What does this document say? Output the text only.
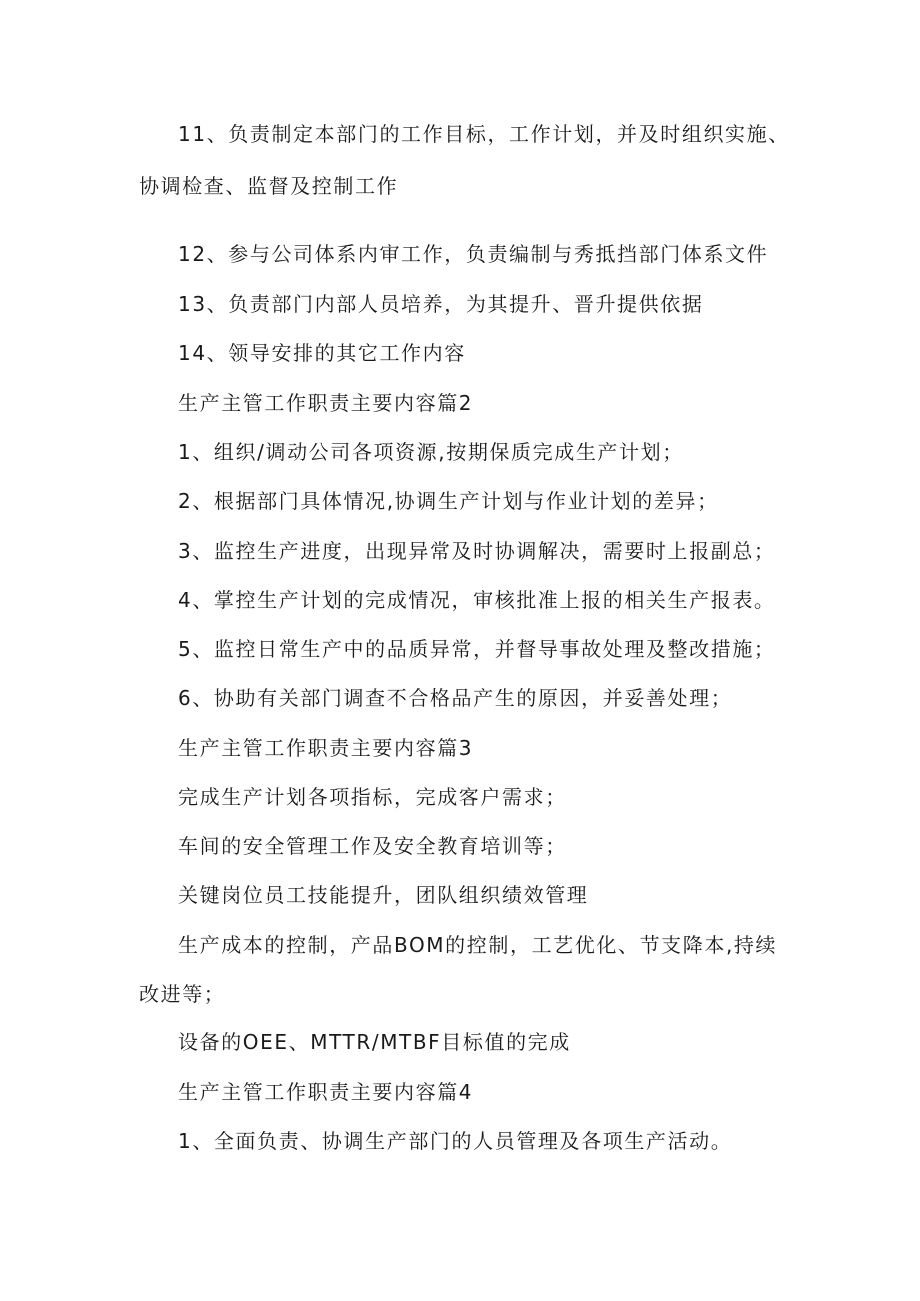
11、负责制定本部门的工作目标，工作计划，并及时组织实施、
协调检查、监督及控制工作
12、参与公司体系内审工作，负责编制与秀抵挡部门体系文件
13、负责部门内部人员培养，为其提升、晋升提供依据
14、领导安排的其它工作内容
生产主管工作职责主要内容篇2
1、组织/调动公司各项资源,按期保质完成生产计划；
2、根据部门具体情况,协调生产计划与作业计划的差异；
3、监控生产进度，出现异常及时协调解决，需要时上报副总；
4、掌控生产计划的完成情况，审核批准上报的相关生产报表。
5、监控日常生产中的品质异常，并督导事故处理及整改措施；
6、协助有关部门调查不合格品产生的原因，并妥善处理；
生产主管工作职责主要内容篇3
完成生产计划各项指标，完成客户需求；
车间的安全管理工作及安全教育培训等；
关键岗位员工技能提升，团队组织绩效管理
生产成本的控制，产品BOM的控制，工艺优化、节支降本,持续
改进等；
设备的OEE、MTTR/MTBF目标值的完成
生产主管工作职责主要内容篇4
1、全面负责、协调生产部门的人员管理及各项生产活动。
